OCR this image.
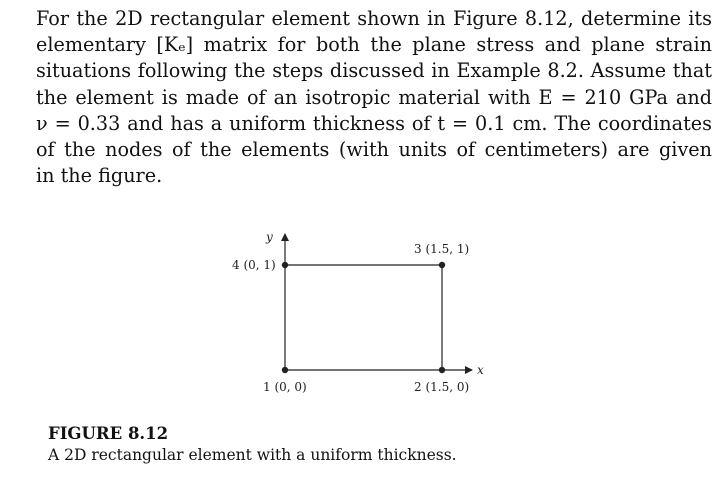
For the 2D rectangular element shown in Figure 8.12, determine its
elementary [Kₑ] matrix for both the plane stress and plane strain
situations following the steps discussed in Example 8.2. Assume that
the element is made of an isotropic material with E = 210 GPa and
ν = 0.33 and has a uniform thickness of t = 0.1 cm. The coordinates
of the nodes of the elements (with units of centimeters) are given
in the figure.
y
x
1 (0, 0)	2 (1.5, 0)
3 (1.5, 1)
4 (0, 1)
FIGURE 8.12
A 2D rectangular element with a uniform thickness.
